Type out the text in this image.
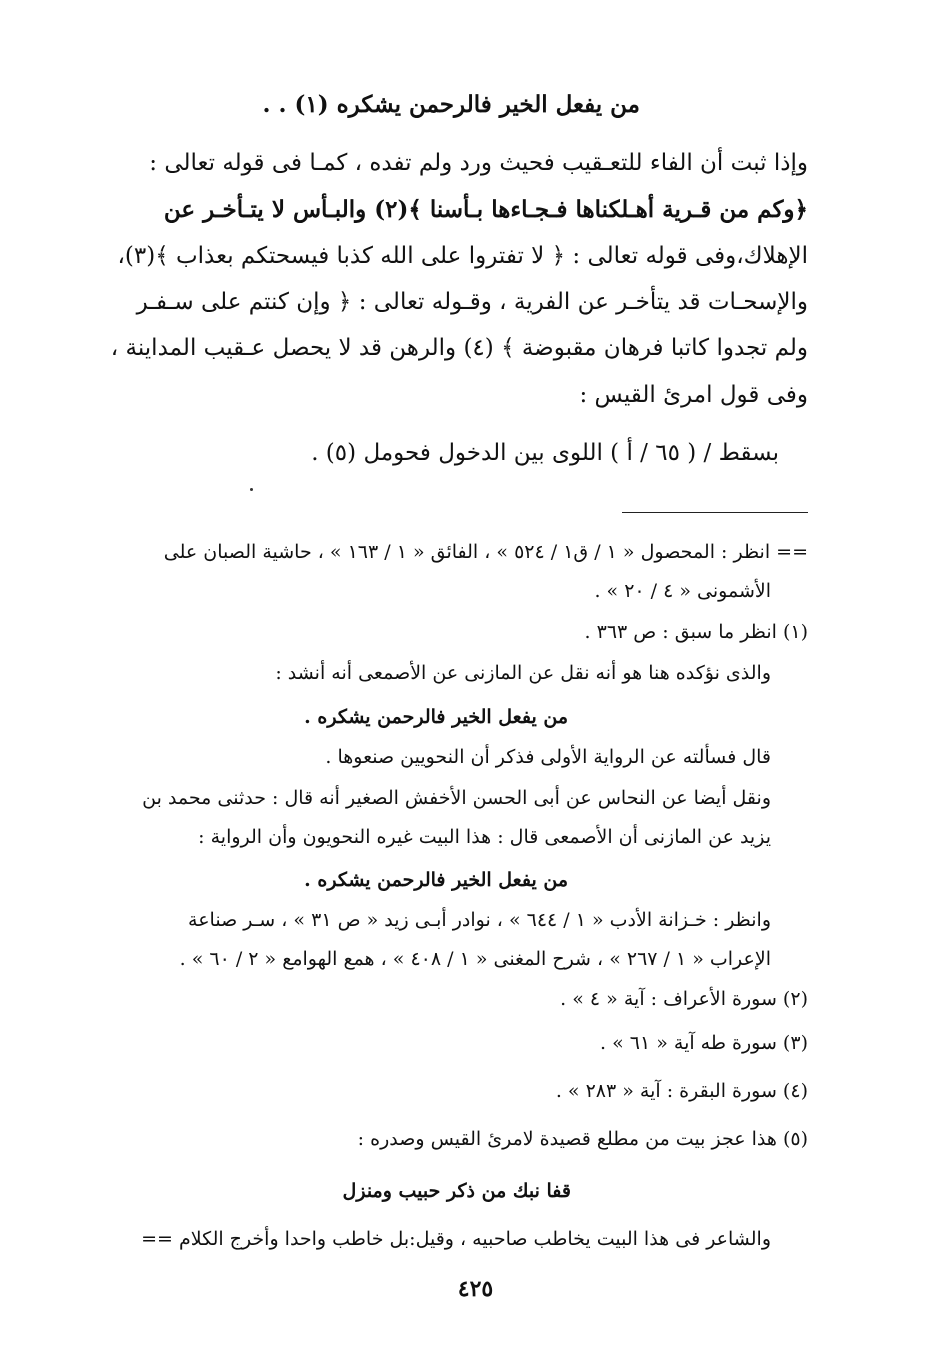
من يفعل الخير فالرحمن يشكره (١) . .
وإذا ثبت أن الفاء للتعـقيب فحيث ورد ولم تفده ، كمـا فى قوله تعالى :
﴿وكم من قـرية أهـلكناها فـجـاءها بـأسنا ﴾(٢) والبـأس لا يتـأخـر عن
الإهلاك،وفى قوله تعالى : ﴿ لا تفتروا على الله كذبا فيسحتكم بعذاب ﴾(٣)،
والإسحـات قد يتأخـر عن الفرية ، وقـوله تعالى : ﴿ وإن كنتم على سـفـر
ولم تجدوا كاتبا فرهان مقبوضة ﴾ (٤) والرهن قد لا يحصل عـقيب المداينة ،
وفى قول امرئ القيس :
بسقط / ( ٦٥ / أ ) اللوى بين الدخول فحومل (٥) .
== انظر : المحصول « ١ / ق١ / ٥٢٤ » ، الفائق « ١ / ١٦٣ » ، حاشية الصبان على
الأشمونى « ٤ / ٢٠ » .
(١) انظر ما سبق : ص ٣٦٣ .
والذى نؤكده هنا هو أنه نقل عن المازنى عن الأصمعى أنه أنشد :
من يفعل الخير فالرحمن يشكره .
قال فسألته عن الرواية الأولى فذكر أن النحويين صنعوها .
ونقل أيضا عن النحاس عن أبى الحسن الأخفش الصغير أنه قال : حدثنى محمد بن
يزيد عن المازنى أن الأصمعى قال : هذا البيت غيره النحويون وأن الرواية :
من يفعل الخير فالرحمن يشكره .
وانظر : خـزانة الأدب « ١ / ٦٤٤ » ، نوادر أبـى زيد « ص ٣١ » ، سـر صناعة
الإعراب « ١ / ٢٦٧ » ، شرح المغنى « ١ / ٤٠٨ » ، همع الهوامع « ٢ / ٦٠ » .
(٢) سورة الأعراف : آية « ٤ » .
(٣) سورة طه آية « ٦١ » .
(٤) سورة البقرة : آية « ٢٨٣ » .
(٥) هذا عجز بيت من مطلع قصيدة لامرئ القيس وصدره :
قفا نبك من ذكر حبيب ومنزل
والشاعر فى هذا البيت يخاطب صاحبيه ، وقيل:بل خاطب واحدا وأخرج الكلام ==
٤٢٥
